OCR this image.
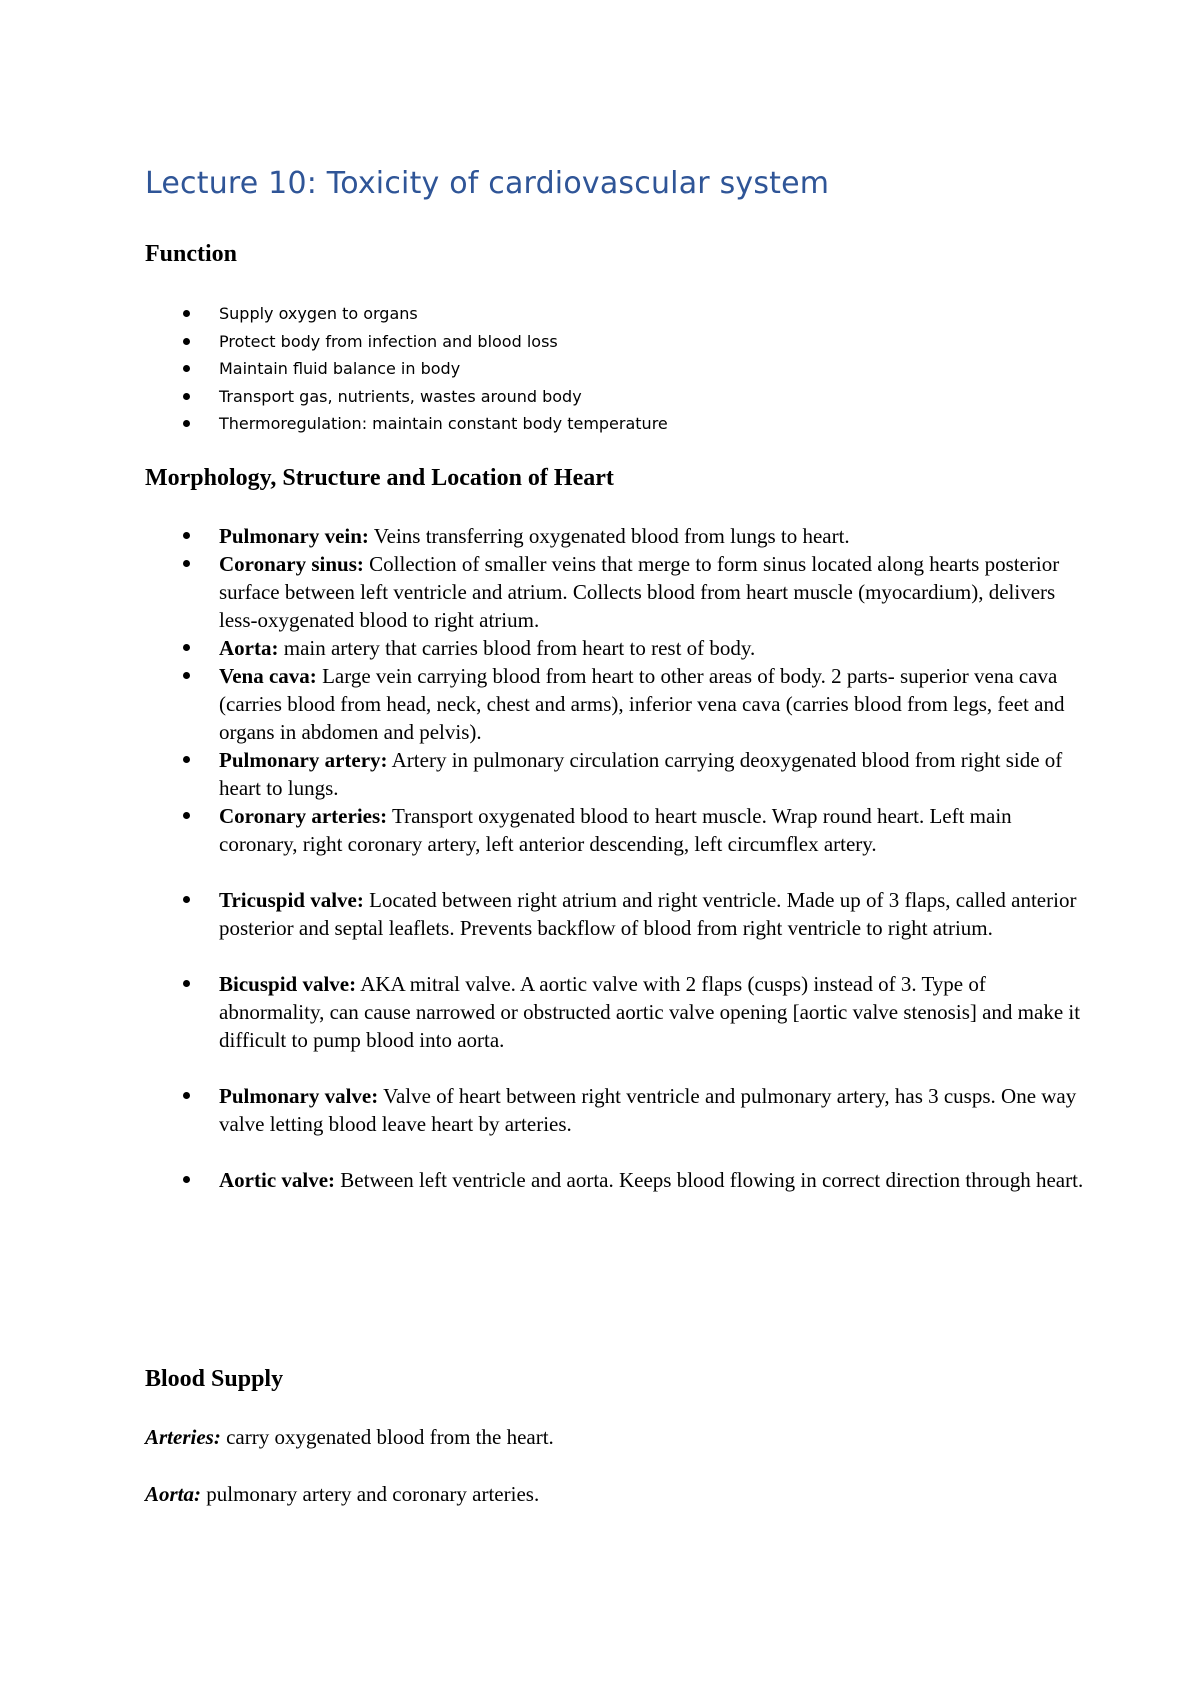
Lecture 10: Toxicity of cardiovascular system
Function
Supply oxygen to organs
Protect body from infection and blood loss
Maintain fluid balance in body
Transport gas, nutrients, wastes around body
Thermoregulation: maintain constant body temperature
Morphology, Structure and Location of Heart
Pulmonary vein: Veins transferring oxygenated blood from lungs to heart.
Coronary sinus: Collection of smaller veins that merge to form sinus located along hearts posterior surface between left ventricle and atrium. Collects blood from heart muscle (myocardium), delivers less-oxygenated blood to right atrium.
Aorta: main artery that carries blood from heart to rest of body.
Vena cava: Large vein carrying blood from heart to other areas of body. 2 parts- superior vena cava (carries blood from head, neck, chest and arms), inferior vena cava (carries blood from legs, feet and organs in abdomen and pelvis).
Pulmonary artery: Artery in pulmonary circulation carrying deoxygenated blood from right side of heart to lungs.
Coronary arteries: Transport oxygenated blood to heart muscle. Wrap round heart. Left main coronary, right coronary artery, left anterior descending, left circumflex artery.
Tricuspid valve: Located between right atrium and right ventricle. Made up of 3 flaps, called anterior posterior and septal leaflets. Prevents backflow of blood from right ventricle to right atrium.
Bicuspid valve: AKA mitral valve. A aortic valve with 2 flaps (cusps) instead of 3. Type of abnormality, can cause narrowed or obstructed aortic valve opening [aortic valve stenosis] and make it difficult to pump blood into aorta.
Pulmonary valve: Valve of heart between right ventricle and pulmonary artery, has 3 cusps. One way valve letting blood leave heart by arteries.
Aortic valve: Between left ventricle and aorta. Keeps blood flowing in correct direction through heart.
Blood Supply

Arteries: carry oxygenated blood from the heart.

Aorta: pulmonary artery and coronary arteries.
